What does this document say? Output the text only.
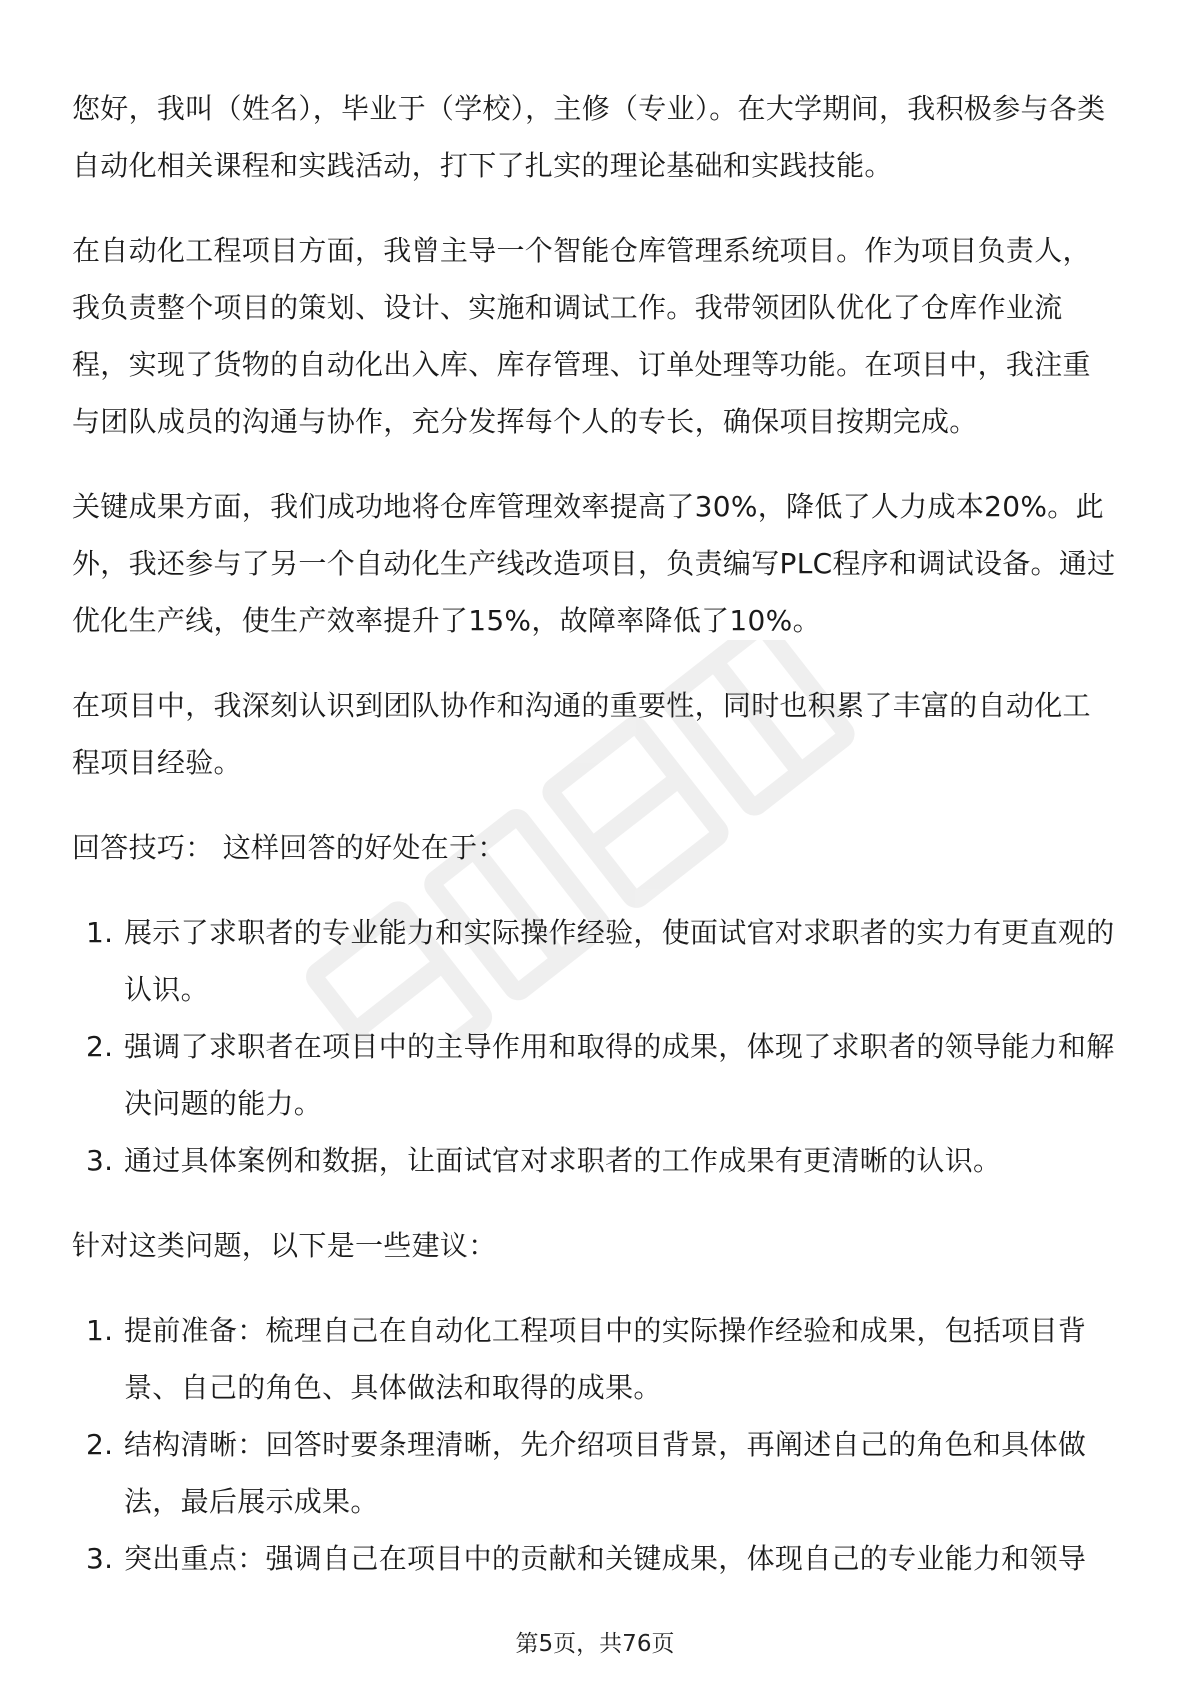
您好，我叫（姓名），毕业于（学校），主修（专业）。在大学期间，我积极参与各类自动化相关课程和实践活动，打下了扎实的理论基础和实践技能。

在自动化工程项目方面，我曾主导一个智能仓库管理系统项目。作为项目负责人，我负责整个项目的策划、设计、实施和调试工作。我带领团队优化了仓库作业流程，实现了货物的自动化出入库、库存管理、订单处理等功能。在项目中，我注重与团队成员的沟通与协作，充分发挥每个人的专长，确保项目按期完成。

关键成果方面，我们成功地将仓库管理效率提高了30%，降低了人力成本20%。此外，我还参与了另一个自动化生产线改造项目，负责编写PLC程序和调试设备。通过优化生产线，使生产效率提升了15%，故障率降低了10%。

在项目中，我深刻认识到团队协作和沟通的重要性，同时也积累了丰富的自动化工程项目经验。

回答技巧： 这样回答的好处在于：

1. 展示了求职者的专业能力和实际操作经验，使面试官对求职者的实力有更直观的认识。
2. 强调了求职者在项目中的主导作用和取得的成果，体现了求职者的领导能力和解决问题的能力。
3. 通过具体案例和数据，让面试官对求职者的工作成果有更清晰的认识。

针对这类问题，以下是一些建议：

1. 提前准备：梳理自己在自动化工程项目中的实际操作经验和成果，包括项目背景、自己的角色、具体做法和取得的成果。
2. 结构清晰：回答时要条理清晰，先介绍项目背景，再阐述自己的角色和具体做法，最后展示成果。
3. 突出重点：强调自己在项目中的贡献和关键成果，体现自己的专业能力和领导
第5页，共76页
